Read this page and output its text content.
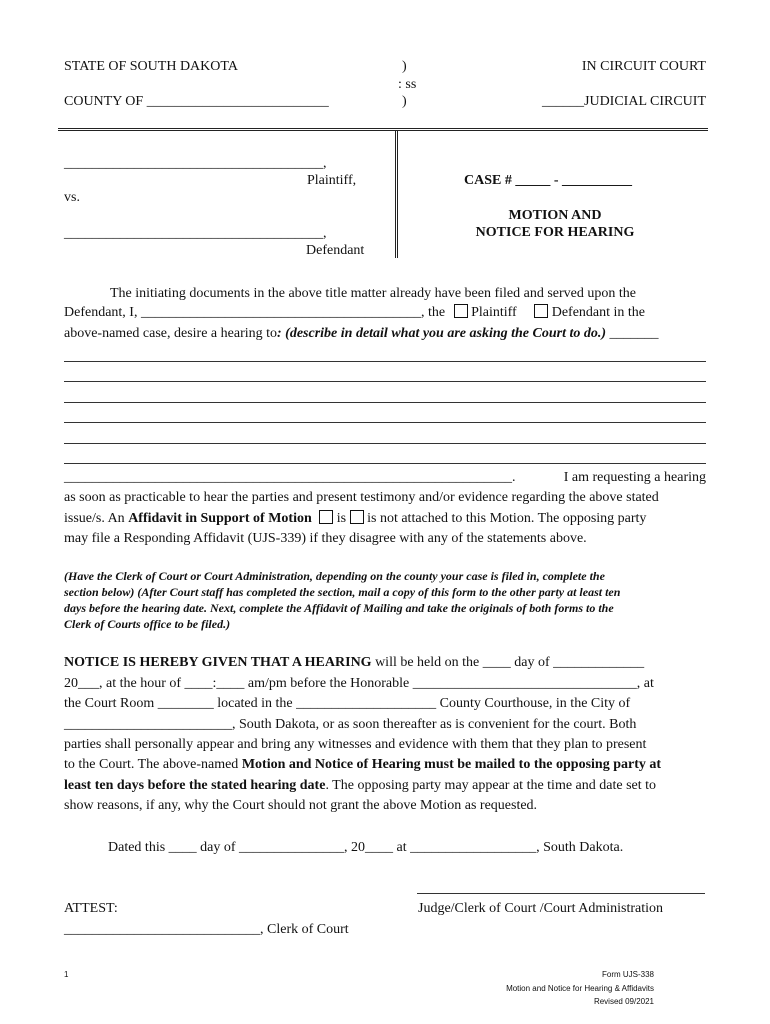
STATE OF SOUTH DAKOTA
COUNTY OF __________________________
)
: ss
)
IN CIRCUIT COURT
______JUDICIAL CIRCUIT
_____________________________________,
Plaintiff,
vs.
_____________________________________,
Defendant
CASE # _____ - __________
MOTION AND
NOTICE FOR HEARING
The initiating documents in the above title matter already have been filed and served upon the
Defendant, I, ________________________________________, the Plaintiff	Defendant in the
above-named case, desire a hearing to: (describe in detail what you are asking the Court to do.) _______
________________________________________________________________.	I am requesting a hearing
as soon as practicable to hear the parties and present testimony and/or evidence regarding the above stated
issue/s. An Affidavit in Support of Motion is is not attached to this Motion. The opposing party
may file a Responding Affidavit (UJS-339) if they disagree with any of the statements above.
(Have the Clerk of Court or Court Administration, depending on the county your case is filed in, complete the
section below) (After Court staff has completed the section, mail a copy of this form to the other party at least ten
days before the hearing date. Next, complete the Affidavit of Mailing and take the originals of both forms to the
Clerk of Courts office to be filed.)
NOTICE IS HEREBY GIVEN THAT A HEARING will be held on the ____ day of _____________
20___, at the hour of ____:____ am/pm before the Honorable ________________________________, at
the Court Room ________ located in the ____________________ County Courthouse, in the City of
________________________, South Dakota, or as soon thereafter as is convenient for the court. Both
parties shall personally appear and bring any witnesses and evidence with them that they plan to present
to the Court. The above-named Motion and Notice of Hearing must be mailed to the opposing party at
least ten days before the stated hearing date. The opposing party may appear at the time and date set to
show reasons, if any, why the Court should not grant the above Motion as requested.
Dated this ____ day of _______________, 20____ at __________________, South Dakota.
Judge/Clerk of Court /Court Administration
ATTEST:
____________________________, Clerk of Court
1	Form UJS-338
Motion and Notice for Hearing & Affidavits
Revised 09/2021
